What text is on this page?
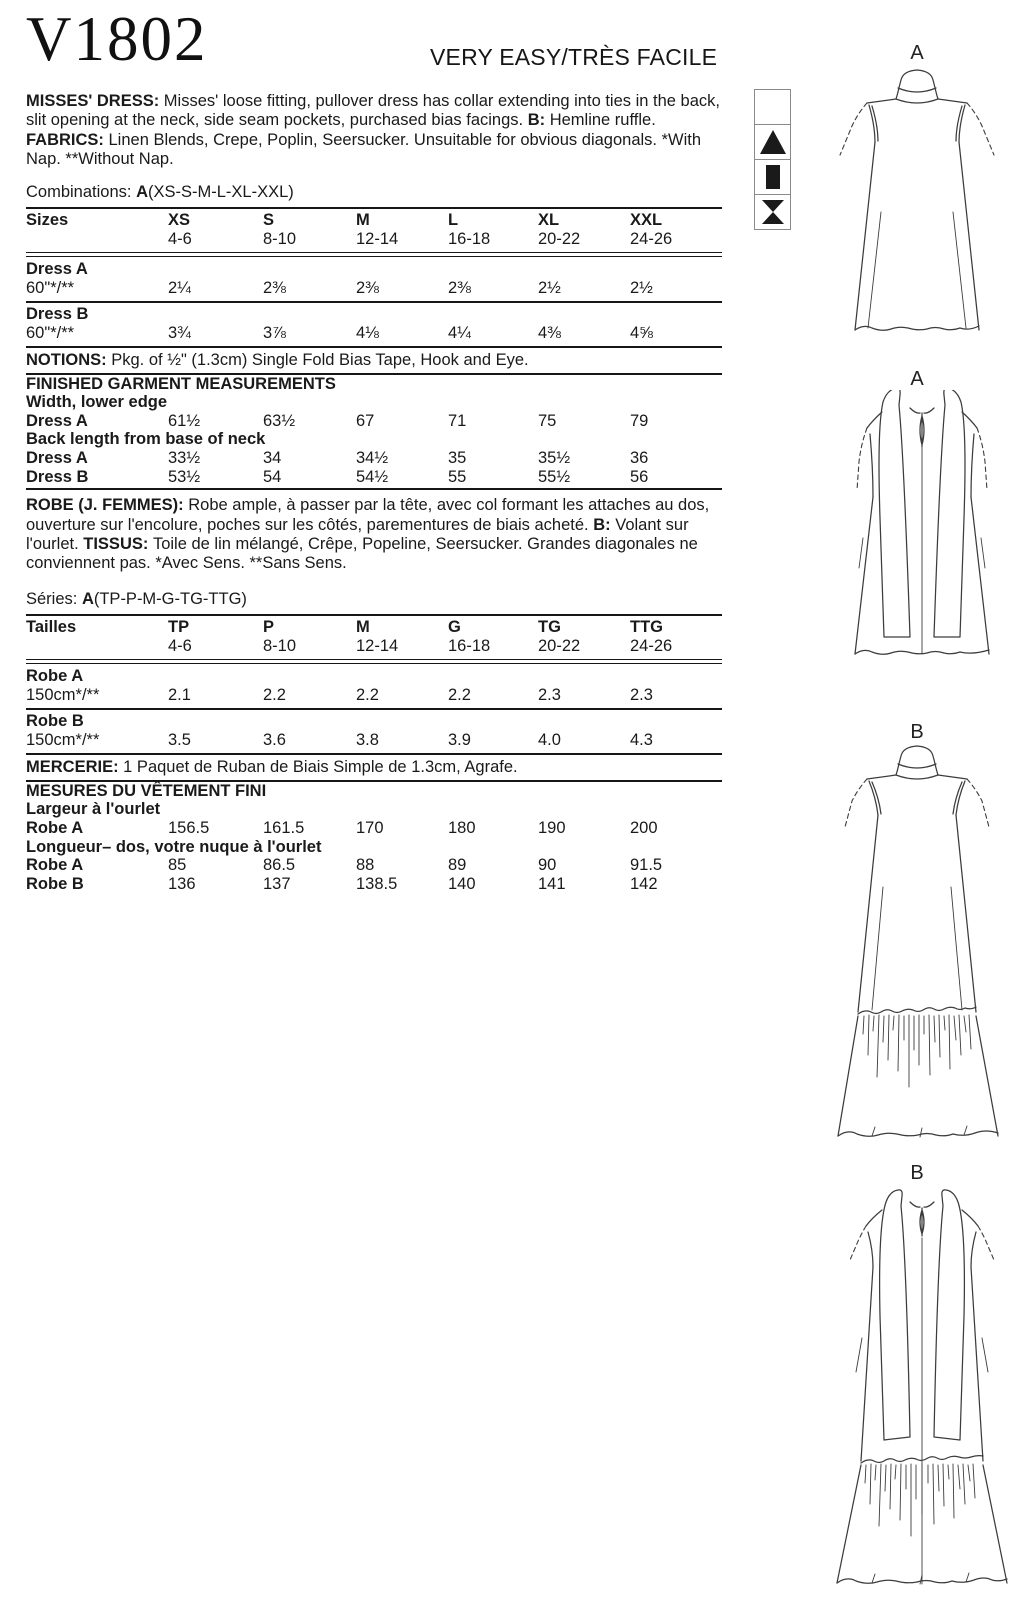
V1802	VERY EASY/TRÈS FACILE

MISSES' DRESS: Misses' loose fitting, pullover dress has collar extending into ties in the back, slit opening at the neck, side seam pockets, purchased bias facings. B: Hemline ruffle. FABRICS: Linen Blends, Crepe, Poplin, Seersucker. Unsuitable for obvious diagonals. *With Nap. **Without Nap.

Combinations: A(XS-S-M-L-XL-XXL)

Sizes	XS	S	M	L	XL	XXL
4-6	8-10	12-14	16-18	20-22	24-26
Dress A
60"*/**	2¼	2⅜	2⅜	2⅜	2½	2½
Dress B
60"*/**	3¾	3⅞	4⅛	4¼	4⅜	4⅝

NOTIONS: Pkg. of ½" (1.3cm) Single Fold Bias Tape, Hook and Eye.

FINISHED GARMENT MEASUREMENTS

Width, lower edge

Dress A	61½	63½	67	71	75	79

Back length from base of neck

Dress A	33½	34	34½	35	35½	36
Dress B	53½	54	54½	55	55½	56

ROBE (J. FEMMES): Robe ample, à passer par la tête, avec col formant les attaches au dos, ouverture sur l'encolure, poches sur les côtés, parementures de biais acheté. B: Volant sur l'ourlet. TISSUS: Toile de lin mélangé, Crêpe, Popeline, Seersucker. Grandes diagonales ne conviennent pas. *Avec Sens. **Sans Sens.

Séries: A(TP-P-M-G-TG-TTG)

Tailles	TP	P	M	G	TG	TTG
4-6	8-10	12-14	16-18	20-22	24-26
Robe A
150cm*/**	2.1	2.2	2.2	2.2	2.3	2.3
Robe B
150cm*/**	3.5	3.6	3.8	3.9	4.0	4.3

MERCERIE: 1 Paquet de Ruban de Biais Simple de 1.3cm, Agrafe.

MESURES DU VÊTEMENT FINI

Largeur à l'ourlet

Robe A	156.5	161.5	170	180	190	200

Longueur– dos, votre nuque à l'ourlet

Robe A	85	86.5	88	89	90	91.5
Robe B	136	137	138.5	140	141	142
A
A
B
B
